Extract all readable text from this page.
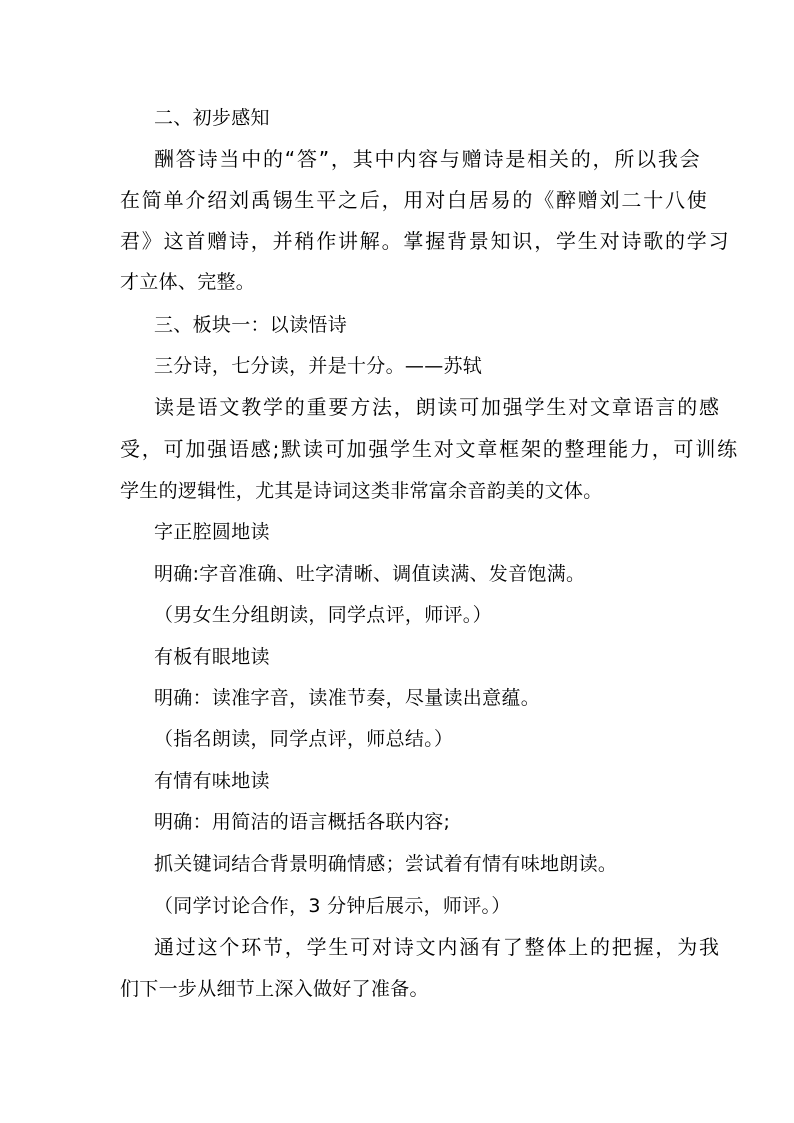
二、初步感知
酬答诗当中的“答”，其中内容与赠诗是相关的，所以我会
在简单介绍刘禹锡生平之后，用对白居易的《醉赠刘二十八使
君》这首赠诗，并稍作讲解。掌握背景知识，学生对诗歌的学习
才立体、完整。
三、板块一：以读悟诗
三分诗，七分读，并是十分。——苏轼
读是语文教学的重要方法，朗读可加强学生对文章语言的感
受，可加强语感;默读可加强学生对文章框架的整理能力，可训练
学生的逻辑性，尤其是诗词这类非常富余音韵美的文体。
字正腔圆地读
明确:字音准确、吐字清晰、调值读满、发音饱满。
（男女生分组朗读，同学点评，师评。）
有板有眼地读
明确：读准字音，读准节奏，尽量读出意蕴。
（指名朗读，同学点评，师总结。）
有情有味地读
明确：用简洁的语言概括各联内容;
抓关键词结合背景明确情感；尝试着有情有味地朗读。
（同学讨论合作，3 分钟后展示，师评。）
通过这个环节，学生可对诗文内涵有了整体上的把握，为我
们下一步从细节上深入做好了准备。
